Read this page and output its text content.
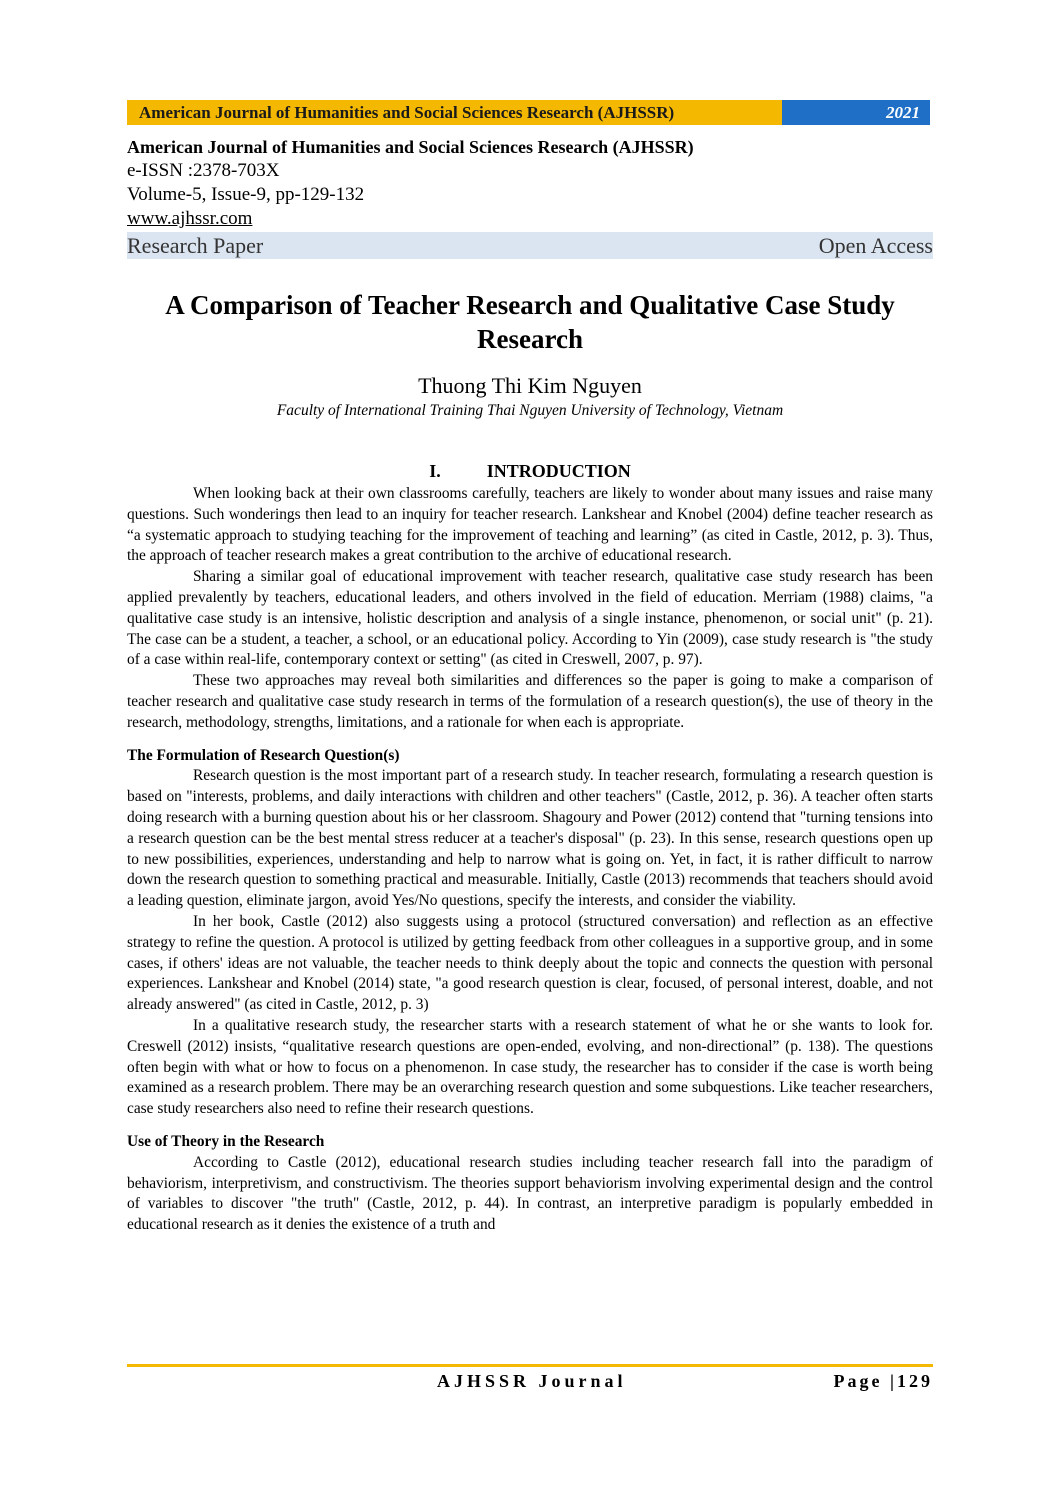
American Journal of Humanities and Social Sciences Research (AJHSSR)	2021
American Journal of Humanities and Social Sciences Research (AJHSSR)
e-ISSN :2378-703X
Volume-5, Issue-9, pp-129-132
www.ajhssr.com
Research Paper	Open Access
A Comparison of Teacher Research and Qualitative Case Study Research
Thuong Thi Kim Nguyen
Faculty of International Training Thai Nguyen University of Technology, Vietnam
I.	INTRODUCTION

When looking back at their own classrooms carefully, teachers are likely to wonder about many issues and raise many questions. Such wonderings then lead to an inquiry for teacher research. Lankshear and Knobel (2004) define teacher research as “a systematic approach to studying teaching for the improvement of teaching and learning” (as cited in Castle, 2012, p. 3). Thus, the approach of teacher research makes a great contribution to the archive of educational research.

Sharing a similar goal of educational improvement with teacher research, qualitative case study research has been applied prevalently by teachers, educational leaders, and others involved in the field of education. Merriam (1988) claims, "a qualitative case study is an intensive, holistic description and analysis of a single instance, phenomenon, or social unit" (p. 21). The case can be a student, a teacher, a school, or an educational policy. According to Yin (2009), case study research is "the study of a case within real-life, contemporary context or setting" (as cited in Creswell, 2007, p. 97).

These two approaches may reveal both similarities and differences so the paper is going to make a comparison of teacher research and qualitative case study research in terms of the formulation of a research question(s), the use of theory in the research, methodology, strengths, limitations, and a rationale for when each is appropriate.

The Formulation of Research Question(s)

Research question is the most important part of a research study. In teacher research, formulating a research question is based on "interests, problems, and daily interactions with children and other teachers" (Castle, 2012, p. 36). A teacher often starts doing research with a burning question about his or her classroom. Shagoury and Power (2012) contend that "turning tensions into a research question can be the best mental stress reducer at a teacher's disposal" (p. 23). In this sense, research questions open up to new possibilities, experiences, understanding and help to narrow what is going on. Yet, in fact, it is rather difficult to narrow down the research question to something practical and measurable. Initially, Castle (2013) recommends that teachers should avoid a leading question, eliminate jargon, avoid Yes/No questions, specify the interests, and consider the viability.

In her book, Castle (2012) also suggests using a protocol (structured conversation) and reflection as an effective strategy to refine the question. A protocol is utilized by getting feedback from other colleagues in a supportive group, and in some cases, if others' ideas are not valuable, the teacher needs to think deeply about the topic and connects the question with personal experiences. Lankshear and Knobel (2014) state, "a good research question is clear, focused, of personal interest, doable, and not already answered" (as cited in Castle, 2012, p. 3)

In a qualitative research study, the researcher starts with a research statement of what he or she wants to look for. Creswell (2012) insists, “qualitative research questions are open-ended, evolving, and non-directional” (p. 138). The questions often begin with what or how to focus on a phenomenon. In case study, the researcher has to consider if the case is worth being examined as a research problem. There may be an overarching research question and some subquestions. Like teacher researchers, case study researchers also need to refine their research questions.

Use of Theory in the Research

According to Castle (2012), educational research studies including teacher research fall into the paradigm of behaviorism, interpretivism, and constructivism. The theories support behaviorism involving experimental design and the control of variables to discover "the truth" (Castle, 2012, p. 44). In contrast, an interpretive paradigm is popularly embedded in educational research as it denies the existence of a truth and

AJHSSR Journal	Page |129
